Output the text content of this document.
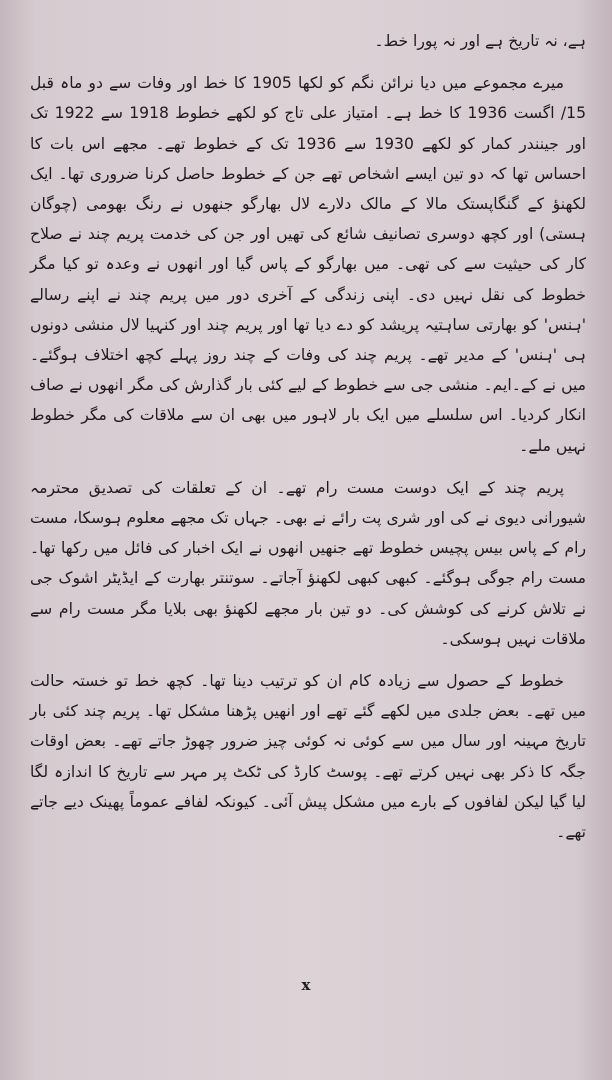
ہے، نہ تاریخ ہے اور نہ پورا خط۔

میرے مجموعے میں دیا نرائن نگم کو لکھا 1905 کا خط اور وفات سے دو ماہ قبل 15/ اگست 1936 کا خط ہے۔ امتیاز علی تاج کو لکھے خطوط 1918 سے 1922 تک اور جینندر کمار کو لکھے 1930 سے 1936 تک کے خطوط تھے۔ مجھے اس بات کا احساس تھا کہ دو تین ایسے اشخاص تھے جن کے خطوط حاصل کرنا ضروری تھا۔ ایک لکھنؤ کے گنگاپستک مالا کے مالک دلارے لال بھارگو جنھوں نے رنگ بھومی (چوگان ہستی) اور کچھ دوسری تصانیف شائع کی تھیں اور جن کی خدمت پریم چند نے صلاح کار کی حیثیت سے کی تھی۔ میں بھارگو کے پاس گیا اور انھوں نے وعدہ تو کیا مگر خطوط کی نقل نہیں دی۔ اپنی زندگی کے آخری دور میں پریم چند نے اپنے رسالے 'ہنس' کو بھارتی ساہتیہ پریشد کو دے دیا تھا اور پریم چند اور کنہیا لال منشی دونوں ہی 'ہنس' کے مدیر تھے۔ پریم چند کی وفات کے چند روز پہلے کچھ اختلاف ہوگئے۔ میں نے کے۔ایم۔ منشی جی سے خطوط کے لیے کئی بار گذارش کی مگر انھوں نے صاف انکار کردیا۔ اس سلسلے میں ایک بار لاہور میں بھی ان سے ملاقات کی مگر خطوط نہیں ملے۔

پریم چند کے ایک دوست مست رام تھے۔ ان کے تعلقات کی تصدیق محترمہ شیورانی دیوی نے کی اور شری پت رائے نے بھی۔ جہاں تک مجھے معلوم ہوسکا، مست رام کے پاس بیس پچیس خطوط تھے جنھیں انھوں نے ایک اخبار کی فائل میں رکھا تھا۔ مست رام جوگی ہوگئے۔ کبھی کبھی لکھنؤ آجاتے۔ سوتنتر بھارت کے ایڈیٹر اشوک جی نے تلاش کرنے کی کوشش کی۔ دو تین بار مجھے لکھنؤ بھی بلایا مگر مست رام سے ملاقات نہیں ہوسکی۔

خطوط کے حصول سے زیادہ کام ان کو ترتیب دینا تھا۔ کچھ خط تو خستہ حالت میں تھے۔ بعض جلدی میں لکھے گئے تھے اور انھیں پڑھنا مشکل تھا۔ پریم چند کئی بار تاریخ مہینہ اور سال میں سے کوئی نہ کوئی چیز ضرور چھوڑ جاتے تھے۔ بعض اوقات جگہ کا ذکر بھی نہیں کرتے تھے۔ پوسٹ کارڈ کی ٹکٹ پر مہر سے تاریخ کا اندازہ لگا لیا گیا لیکن لفافوں کے بارے میں مشکل پیش آئی۔ کیونکہ لفافے عموماً پھینک دیے جاتے تھے۔

x
